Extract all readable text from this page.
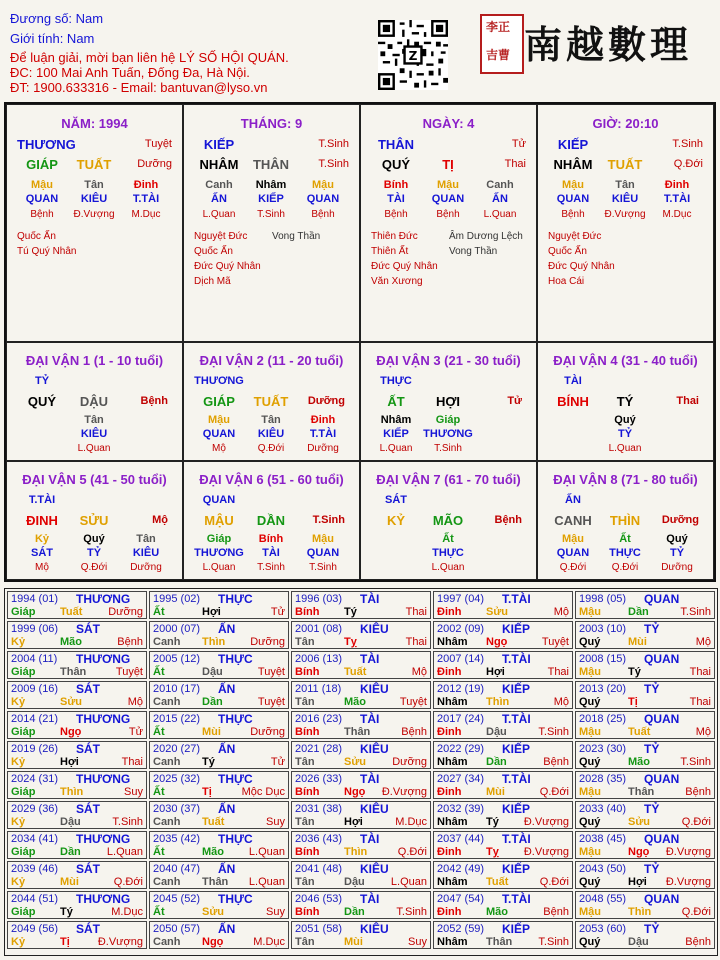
Đương số: Nam
Giới tính: Nam
Để luận giải, mời bạn liên hệ LÝ SỐ HỘI QUÁN.
ĐC: 100 Mai Anh Tuấn, Đống Đa, Hà Nội.
ĐT: 1900.633316 - Email: bantuvan@lyso.vn
Z
李正
吉曹 南越數理
NĂM: 1994
THƯƠNG	Tuyệt
GIÁP	TUẤT	Dưỡng
Mậu
QUAN
Bệnh
Tân
KIÊU
Đ.Vượng
Đinh
T.TÀI
M.Dục
Quốc Ấn
Tú Quý Nhân
THÁNG: 9
KIẾP	T.Sinh
NHÂM	THÂN	T.Sinh
Canh
ẤN
L.Quan
Nhâm
KIẾP
T.Sinh
Mậu
QUAN
Bệnh
Nguyệt Đức
Quốc Ấn
Đức Quý Nhân
Dịch Mã
Vong Thần
NGÀY: 4
THÂN	Tử
QUÝ	TỊ	Thai
Bính
TÀI
Bệnh
Mậu
QUAN
Bệnh
Canh
ẤN
L.Quan
Thiên Đức
Thiên Ất
Đức Quý Nhân
Văn Xương
Âm Dương Lệch
Vong Thần
GIỜ: 20:10
KIẾP	T.Sinh
NHÂM	TUẤT	Q.Đới
Mậu
QUAN
Bệnh
Tân
KIÊU
Đ.Vượng
Đinh
T.TÀI
M.Dục
Nguyệt Đức
Quốc Ấn
Đức Quý Nhân
Hoa Cái
ĐẠI VẬN 1 (1 - 10 tuổi)
TỶ
QUÝ	DẬU	Bệnh
Tân
KIÊU
L.Quan
ĐẠI VẬN 2 (11 - 20 tuổi)
THƯƠNG
GIÁP	TUẤT	Dưỡng
Mậu
QUAN
Mộ
Tân
KIÊU
Q.Đới
Đinh
T.TÀI
Dưỡng
ĐẠI VẬN 3 (21 - 30 tuổi)
THỰC
ẤT	HỢI	Tử
Nhâm
KIẾP
L.Quan
Giáp
THƯƠNG
T.Sinh
ĐẠI VẬN 4 (31 - 40 tuổi)
TÀI
BÍNH	TÝ	Thai
Quý
TỶ
L.Quan
ĐẠI VẬN 5 (41 - 50 tuổi)
T.TÀI
ĐINH	SỬU	Mộ
Kỷ
SÁT
Mộ
Quý
TỶ
Q.Đới
Tân
KIÊU
Dưỡng
ĐẠI VẬN 6 (51 - 60 tuổi)
QUAN
MẬU	DẦN	T.Sinh
Giáp
THƯƠNG
L.Quan
Bính
TÀI
T.Sinh
Mậu
QUAN
T.Sinh
ĐẠI VẬN 7 (61 - 70 tuổi)
SÁT
KỶ	MÃO	Bệnh
Ất
THỰC
L.Quan
ĐẠI VẬN 8 (71 - 80 tuổi)
ẤN
CANH	THÌN	Dưỡng
Mậu
QUAN
Q.Đới
Ất
THỰC
Q.Đới
Quý
TỶ
Dưỡng
1994 (01) THƯƠNG
Giáp Tuất Dưỡng
1995 (02) THỰC
Ất	Hợi	Tử
1996 (03) TÀI
Bính Tý	Thai
1997 (04) T.TÀI
Đinh Sửu	Mộ
1998 (05) QUAN
Mậu Dần	T.Sinh
1999 (06) SÁT
Kỷ	Mão	Bệnh
2000 (07) ẤN
Canh Thìn Dưỡng
2001 (08) KIÊU
Tân	Tỵ	Thai
2002 (09) KIẾP
Nhâm Ngọ	Tuyệt
2003 (10) TỶ
Quý	Mùi	Mộ
2004 (11) THƯƠNG
Giáp Thân	Tuyệt
2005 (12) THỰC
Ất	Dậu	Tuyệt
2006 (13) TÀI
Bính Tuất	Mộ
2007 (14) T.TÀI
Đinh Hợi	Thai
2008 (15) QUAN
Mậu Tý	Thai
2009 (16) SÁT
Kỷ	Sửu	Mộ
2010 (17) ẤN
Canh Dần	Tuyệt
2011 (18) KIÊU
Tân	Mão	Tuyệt
2012 (19) KIẾP
Nhâm Thìn	Mộ
2013 (20) TỶ
Quý	Tị	Thai
2014 (21) THƯƠNG
Giáp Ngọ	Tử
2015 (22) THỰC
Ất	Mùi	Dưỡng
2016 (23) TÀI
Bính Thân	Bệnh
2017 (24) T.TÀI
Đinh Dậu	T.Sinh
2018 (25) QUAN
Mậu Tuất	Mộ
2019 (26) SÁT
Kỷ	Hợi	Thai
2020 (27) ẤN
Canh Tý	Tử
2021 (28) KIÊU
Tân	Sửu Dưỡng
2022 (29) KIẾP
Nhâm Dần	Bệnh
2023 (30) TỶ
Quý	Mão	T.Sinh
2024 (31) THƯƠNG
Giáp Thìn	Suy
2025 (32) THỰC
Ất	Tị	Mộc Dục
2026 (33) TÀI
Bính Ngọ Đ.Vượng
2027 (34) T.TÀI
Đinh Mùi	Q.Đới
2028 (35) QUAN
Mậu Thân	Bệnh
2029 (36) SÁT
Kỷ	Dậu	T.Sinh
2030 (37) ẤN
Canh Tuất	Suy
2031 (38) KIÊU
Tân	Hợi	M.Dục
2032 (39) KIẾP
Nhâm Tý Đ.Vượng
2033 (40) TỶ
Quý	Sửu	Q.Đới
2034 (41) THƯƠNG
Giáp Dần L.Quan
2035 (42) THỰC
Ất	Mão L.Quan
2036 (43) TÀI
Bính Thìn	Q.Đới
2037 (44) T.TÀI
Đinh Tỵ Đ.Vượng
2038 (45) QUAN
Mậu Ngọ Đ.Vượng
2039 (46) SÁT
Kỷ	Mùi	Q.Đới
2040 (47) ẤN
Canh Thân L.Quan
2041 (48) KIÊU
Tân	Dậu L.Quan
2042 (49) KIẾP
Nhâm Tuất	Q.Đới
2043 (50) TỶ
Quý	Hợi Đ.Vượng
2044 (51) THƯƠNG
Giáp Tý	M.Dục
2045 (52) THỰC
Ất	Sửu	Suy
2046 (53) TÀI
Bính Dần	T.Sinh
2047 (54) T.TÀI
Đinh Mão	Bệnh
2048 (55) QUAN
Mậu Thìn	Q.Đới
2049 (56) SÁT
Kỷ	Tị	Đ.Vượng
2050 (57) ẤN
Canh Ngọ	M.Dục
2051 (58) KIÊU
Tân	Mùi	Suy
2052 (59) KIẾP
Nhâm Thân T.Sinh
2053 (60) TỶ
Quý	Dậu	Bệnh
